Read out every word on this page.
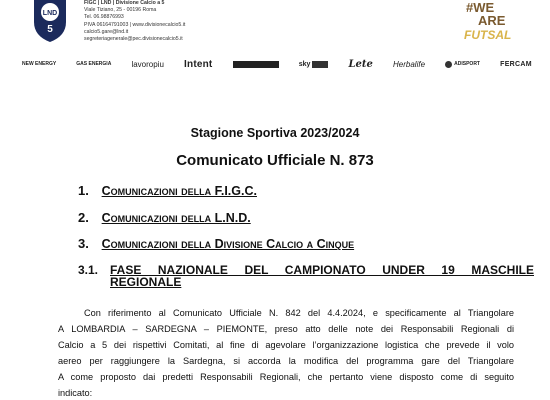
LND
5
FIGC | LND | Divisione Calcio a 5
Viale Tiziano, 25 - 00196 Roma
Tel. 06.98876993
PIVA 06164791003 | www.divisionecalcio5.it
calcio5.gare@lnd.it
segreteriagenerale@pec.divisionecalcio5.it
#WE
ARE
FUTSAL
NEW ENERGY	GAS ENERGIA	lavoropiu Intent	sky	Lete	Herbalife	ADISPORT	FERCAM
Stagione Sportiva 2023/2024
Comunicato Ufficiale N. 873
1. Comunicazioni della F.I.G.C.
2. Comunicazioni della L.N.D.
3. Comunicazioni della Divisione Calcio a Cinque
3.1. FASE NAZIONALE DEL CAMPIONATO UNDER 19 MASCHILE
REGIONALE
Con riferimento al Comunicato Ufficiale N. 842 del 4.4.2024, e specificamente al Triangolare
A LOMBARDIA – SARDEGNA – PIEMONTE, preso atto delle note dei Responsabili Regionali di
Calcio a 5 dei rispettivi Comitati, al fine di agevolare l’organizzazione logistica che prevede il volo
aereo per raggiungere la Sardegna, si accorda la modifica del programma gare del Triangolare
A come proposto dai predetti Responsabili Regionali, che pertanto viene disposto come di seguito
indicato:
